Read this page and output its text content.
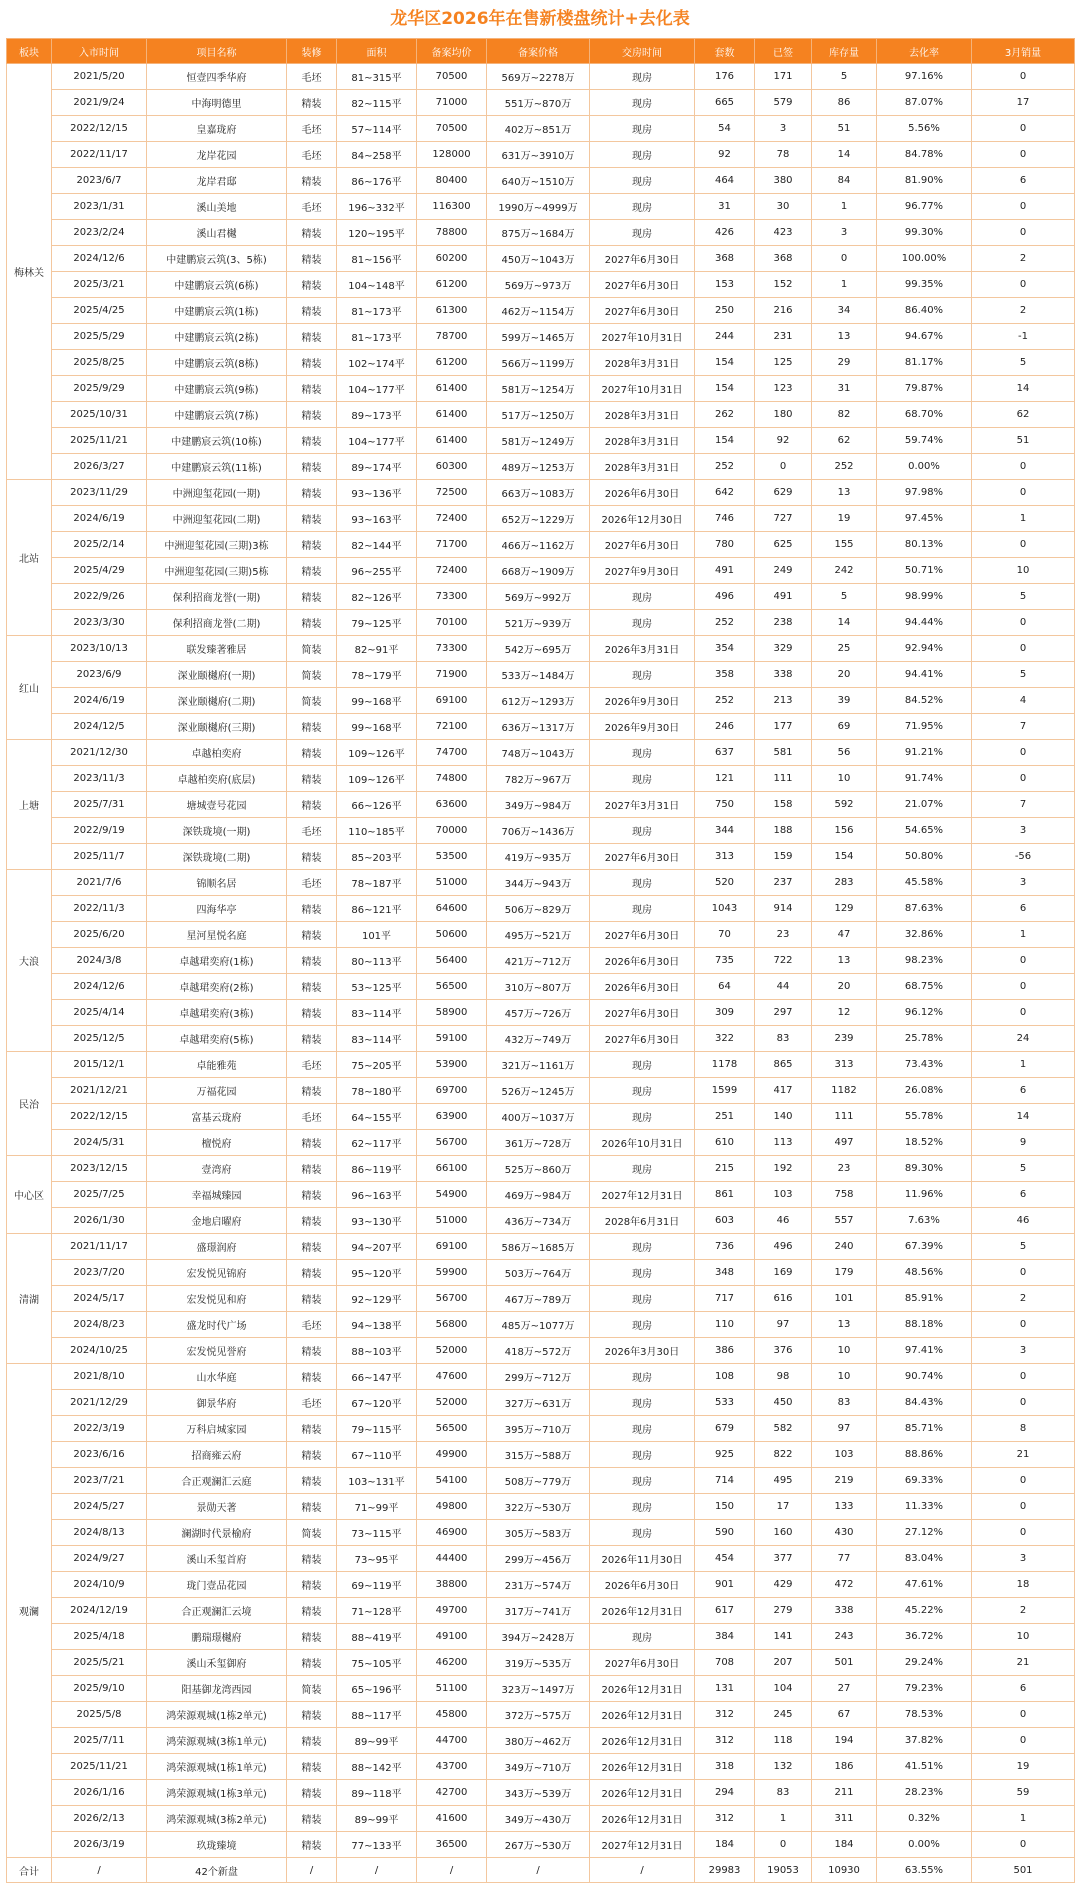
龙华区2026年在售新楼盘统计+去化表
板块	入市时间	项目名称	装修	面积	备案均价	备案价格	交房时间	套数	已签	库存量	去化率	3月销量
梅林关	2021/5/20	恒壹四季华府	毛坯	81~315平	70500	569万~2278万	现房	176	171	5	97.16%	0
	2021/9/24	中海明德里	精装	82~115平	71000	551万~870万	现房	665	579	86	87.07%	17
	2022/12/15	皇嘉珑府	毛坯	57~114平	70500	402万~851万	现房	54	3	51	5.56%	0
	2022/11/17	龙岸花园	毛坯	84~258平	128000	631万~3910万	现房	92	78	14	84.78%	0
	2023/6/7	龙岸君邸	精装	86~176平	80400	640万~1510万	现房	464	380	84	81.90%	6
	2023/1/31	溪山美地	毛坯	196~332平	116300	1990万~4999万	现房	31	30	1	96.77%	0
	2023/2/24	溪山君樾	精装	120~195平	78800	875万~1684万	现房	426	423	3	99.30%	0
	2024/12/6	中建鹏宸云筑(3、5栋)	精装	81~156平	60200	450万~1043万	2027年6月30日	368	368	0	100.00%	2
	2025/3/21	中建鹏宸云筑(6栋)	精装	104~148平	61200	569万~973万	2027年6月30日	153	152	1	99.35%	0
	2025/4/25	中建鹏宸云筑(1栋)	精装	81~173平	61300	462万~1154万	2027年6月30日	250	216	34	86.40%	2
	2025/5/29	中建鹏宸云筑(2栋)	精装	81~173平	78700	599万~1465万	2027年10月31日	244	231	13	94.67%	-1
	2025/8/25	中建鹏宸云筑(8栋)	精装	102~174平	61200	566万~1199万	2028年3月31日	154	125	29	81.17%	5
	2025/9/29	中建鹏宸云筑(9栋)	精装	104~177平	61400	581万~1254万	2027年10月31日	154	123	31	79.87%	14
	2025/10/31	中建鹏宸云筑(7栋)	精装	89~173平	61400	517万~1250万	2028年3月31日	262	180	82	68.70%	62
	2025/11/21	中建鹏宸云筑(10栋)	精装	104~177平	61400	581万~1249万	2028年3月31日	154	92	62	59.74%	51
	2026/3/27	中建鹏宸云筑(11栋)	精装	89~174平	60300	489万~1253万	2028年3月31日	252	0	252	0.00%	0
北站	2023/11/29	中洲迎玺花园(一期)	精装	93~136平	72500	663万~1083万	2026年6月30日	642	629	13	97.98%	0
	2024/6/19	中洲迎玺花园(二期)	精装	93~163平	72400	652万~1229万	2026年12月30日	746	727	19	97.45%	1
	2025/2/14	中洲迎玺花园(三期)3栋	精装	82~144平	71700	466万~1162万	2027年6月30日	780	625	155	80.13%	0
	2025/4/29	中洲迎玺花园(三期)5栋	精装	96~255平	72400	668万~1909万	2027年9月30日	491	249	242	50.71%	10
	2022/9/26	保利招商龙誉(一期)	精装	82~126平	73300	569万~992万	现房	496	491	5	98.99%	5
	2023/3/30	保利招商龙誉(二期)	精装	79~125平	70100	521万~939万	现房	252	238	14	94.44%	0
红山	2023/10/13	联发臻著雅居	简装	82~91平	73300	542万~695万	2026年3月31日	354	329	25	92.94%	0
	2023/6/9	深业颐樾府(一期)	简装	78~179平	71900	533万~1484万	现房	358	338	20	94.41%	5
	2024/6/19	深业颐樾府(二期)	简装	99~168平	69100	612万~1293万	2026年9月30日	252	213	39	84.52%	4
	2024/12/5	深业颐樾府(三期)	精装	99~168平	72100	636万~1317万	2026年9月30日	246	177	69	71.95%	7
上塘	2021/12/30	卓越柏奕府	精装	109~126平	74700	748万~1043万	现房	637	581	56	91.21%	0
	2023/11/3	卓越柏奕府(底层)	精装	109~126平	74800	782万~967万	现房	121	111	10	91.74%	0
	2025/7/31	塘城壹号花园	精装	66~126平	63600	349万~984万	2027年3月31日	750	158	592	21.07%	7
	2022/9/19	深铁珑境(一期)	毛坯	110~185平	70000	706万~1436万	现房	344	188	156	54.65%	3
	2025/11/7	深铁珑境(二期)	精装	85~203平	53500	419万~935万	2027年6月30日	313	159	154	50.80%	-56
大浪	2021/7/6	锦顺名居	毛坯	78~187平	51000	344万~943万	现房	520	237	283	45.58%	3
	2022/11/3	四海华亭	精装	86~121平	64600	506万~829万	现房	1043	914	129	87.63%	6
	2025/6/20	星河星悦名庭	精装	101平	50600	495万~521万	2027年6月30日	70	23	47	32.86%	1
	2024/3/8	卓越珺奕府(1栋)	精装	80~113平	56400	421万~712万	2026年6月30日	735	722	13	98.23%	0
	2024/12/6	卓越珺奕府(2栋)	精装	53~125平	56500	310万~807万	2026年6月30日	64	44	20	68.75%	0
	2025/4/14	卓越珺奕府(3栋)	精装	83~114平	58900	457万~726万	2027年6月30日	309	297	12	96.12%	0
	2025/12/5	卓越珺奕府(5栋)	精装	83~114平	59100	432万~749万	2027年6月30日	322	83	239	25.78%	24
民治	2015/12/1	卓能雅苑	毛坯	75~205平	53900	321万~1161万	现房	1178	865	313	73.43%	1
	2021/12/21	万福花园	精装	78~180平	69700	526万~1245万	现房	1599	417	1182	26.08%	6
	2022/12/15	富基云珑府	毛坯	64~155平	63900	400万~1037万	现房	251	140	111	55.78%	14
	2024/5/31	檀悦府	精装	62~117平	56700	361万~728万	2026年10月31日	610	113	497	18.52%	9
中心区	2023/12/15	壹湾府	精装	86~119平	66100	525万~860万	现房	215	192	23	89.30%	5
	2025/7/25	幸福城臻园	精装	96~163平	54900	469万~984万	2027年12月31日	861	103	758	11.96%	6
	2026/1/30	金地启曜府	精装	93~130平	51000	436万~734万	2028年6月31日	603	46	557	7.63%	46
清湖	2021/11/17	盛璟润府	精装	94~207平	69100	586万~1685万	现房	736	496	240	67.39%	5
	2023/7/20	宏发悦见锦府	精装	95~120平	59900	503万~764万	现房	348	169	179	48.56%	0
	2024/5/17	宏发悦见和府	精装	92~129平	56700	467万~789万	现房	717	616	101	85.91%	2
	2024/8/23	盛龙时代广场	毛坯	94~138平	56800	485万~1077万	现房	110	97	13	88.18%	0
	2024/10/25	宏发悦见誉府	精装	88~103平	52000	418万~572万	2026年3月30日	386	376	10	97.41%	3
观澜	2021/8/10	山水华庭	精装	66~147平	47600	299万~712万	现房	108	98	10	90.74%	0
	2021/12/29	御景华府	毛坯	67~120平	52000	327万~631万	现房	533	450	83	84.43%	0
	2022/3/19	万科启城家园	精装	79~115平	56500	395万~710万	现房	679	582	97	85.71%	8
	2023/6/16	招商雍云府	精装	67~110平	49900	315万~588万	现房	925	822	103	88.86%	21
	2023/7/21	合正观澜汇云庭	精装	103~131平	54100	508万~779万	现房	714	495	219	69.33%	0
	2024/5/27	景勋天著	精装	71~99平	49800	322万~530万	现房	150	17	133	11.33%	0
	2024/8/13	澜湖时代景榆府	简装	73~115平	46900	305万~583万	现房	590	160	430	27.12%	0
	2024/9/27	溪山禾玺首府	精装	73~95平	44400	299万~456万	2026年11月30日	454	377	77	83.04%	3
	2024/10/9	珑门壹品花园	精装	69~119平	38800	231万~574万	2026年6月30日	901	429	472	47.61%	18
	2024/12/19	合正观澜汇云境	精装	71~128平	49700	317万~741万	2026年12月31日	617	279	338	45.22%	2
	2025/4/18	鹏瑞璟樾府	精装	88~419平	49100	394万~2428万	现房	384	141	243	36.72%	10
	2025/5/21	溪山禾玺御府	精装	75~105平	46200	319万~535万	2027年6月30日	708	207	501	29.24%	21
	2025/9/10	阳基御龙湾西园	简装	65~196平	51100	323万~1497万	2026年12月31日	131	104	27	79.23%	6
	2025/5/8	鸿荣源观城(1栋2单元)	精装	88~117平	45800	372万~575万	2026年12月31日	312	245	67	78.53%	0
	2025/7/11	鸿荣源观城(3栋1单元)	精装	89~99平	44700	380万~462万	2026年12月31日	312	118	194	37.82%	0
	2025/11/21	鸿荣源观城(1栋1单元)	精装	88~142平	43700	349万~710万	2026年12月31日	318	132	186	41.51%	19
	2026/1/16	鸿荣源观城(1栋3单元)	精装	89~118平	42700	343万~539万	2026年12月31日	294	83	211	28.23%	59
	2026/2/13	鸿荣源观城(3栋2单元)	精装	89~99平	41600	349万~430万	2026年12月31日	312	1	311	0.32%	1
	2026/3/19	玖珑臻境	精装	77~133平	36500	267万~530万	2027年12月31日	184	0	184	0.00%	0
合计	/	42个新盘	/	/	/	/	/	29983	19053	10930	63.55%	501
